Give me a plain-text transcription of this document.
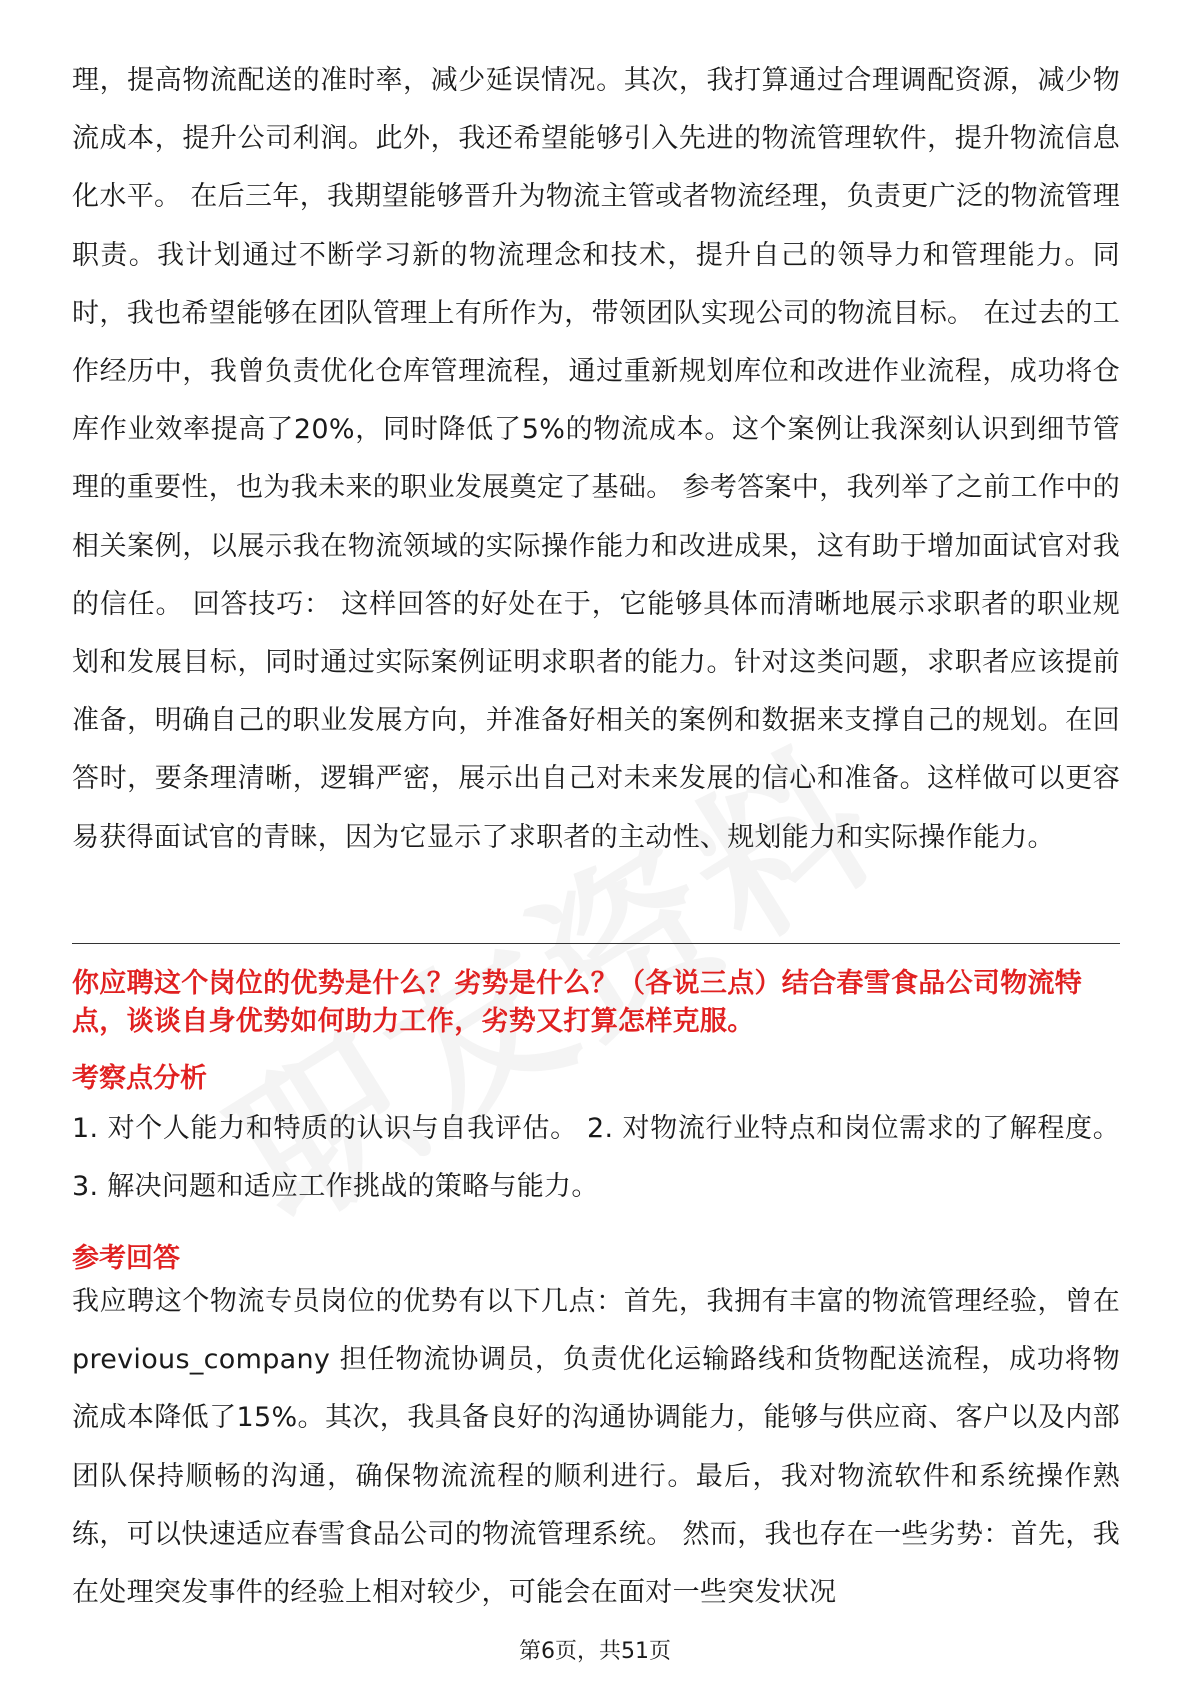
理，提高物流配送的准时率，减少延误情况。其次，我打算通过合理调配资源，减少物流成本，提升公司利润。此外，我还希望能够引入先进的物流管理软件，提升物流信息化水平。 在后三年，我期望能够晋升为物流主管或者物流经理，负责更广泛的物流管理职责。我计划通过不断学习新的物流理念和技术，提升自己的领导力和管理能力。同时，我也希望能够在团队管理上有所作为，带领团队实现公司的物流目标。 在过去的工作经历中，我曾负责优化仓库管理流程，通过重新规划库位和改进作业流程，成功将仓库作业效率提高了20%，同时降低了5%的物流成本。这个案例让我深刻认识到细节管理的重要性，也为我未来的职业发展奠定了基础。 参考答案中，我列举了之前工作中的相关案例，以展示我在物流领域的实际操作能力和改进成果，这有助于增加面试官对我的信任。 回答技巧： 这样回答的好处在于，它能够具体而清晰地展示求职者的职业规划和发展目标，同时通过实际案例证明求职者的能力。针对这类问题，求职者应该提前准备，明确自己的职业发展方向，并准备好相关的案例和数据来支撑自己的规划。在回答时，要条理清晰，逻辑严密，展示出自己对未来发展的信心和准备。这样做可以更容易获得面试官的青睐，因为它显示了求职者的主动性、规划能力和实际操作能力。

你应聘这个岗位的优势是什么？劣势是什么？（各说三点）结合春雪食品公司物流特点，谈谈自身优势如何助力工作，劣势又打算怎样克服。

考察点分析

1. 对个人能力和特质的认识与自我评估。 2. 对物流行业特点和岗位需求的了解程度。 3. 解决问题和适应工作挑战的策略与能力。

参考回答

我应聘这个物流专员岗位的优势有以下几点：首先，我拥有丰富的物流管理经验，曾在 previous_company 担任物流协调员，负责优化运输路线和货物配送流程，成功将物流成本降低了15%。其次，我具备良好的沟通协调能力，能够与供应商、客户以及内部团队保持顺畅的沟通，确保物流流程的顺利进行。最后，我对物流软件和系统操作熟练，可以快速适应春雪食品公司的物流管理系统。 然而，我也存在一些劣势：首先，我在处理突发事件的经验上相对较少，可能会在面对一些突发状况

第6页，共51页
